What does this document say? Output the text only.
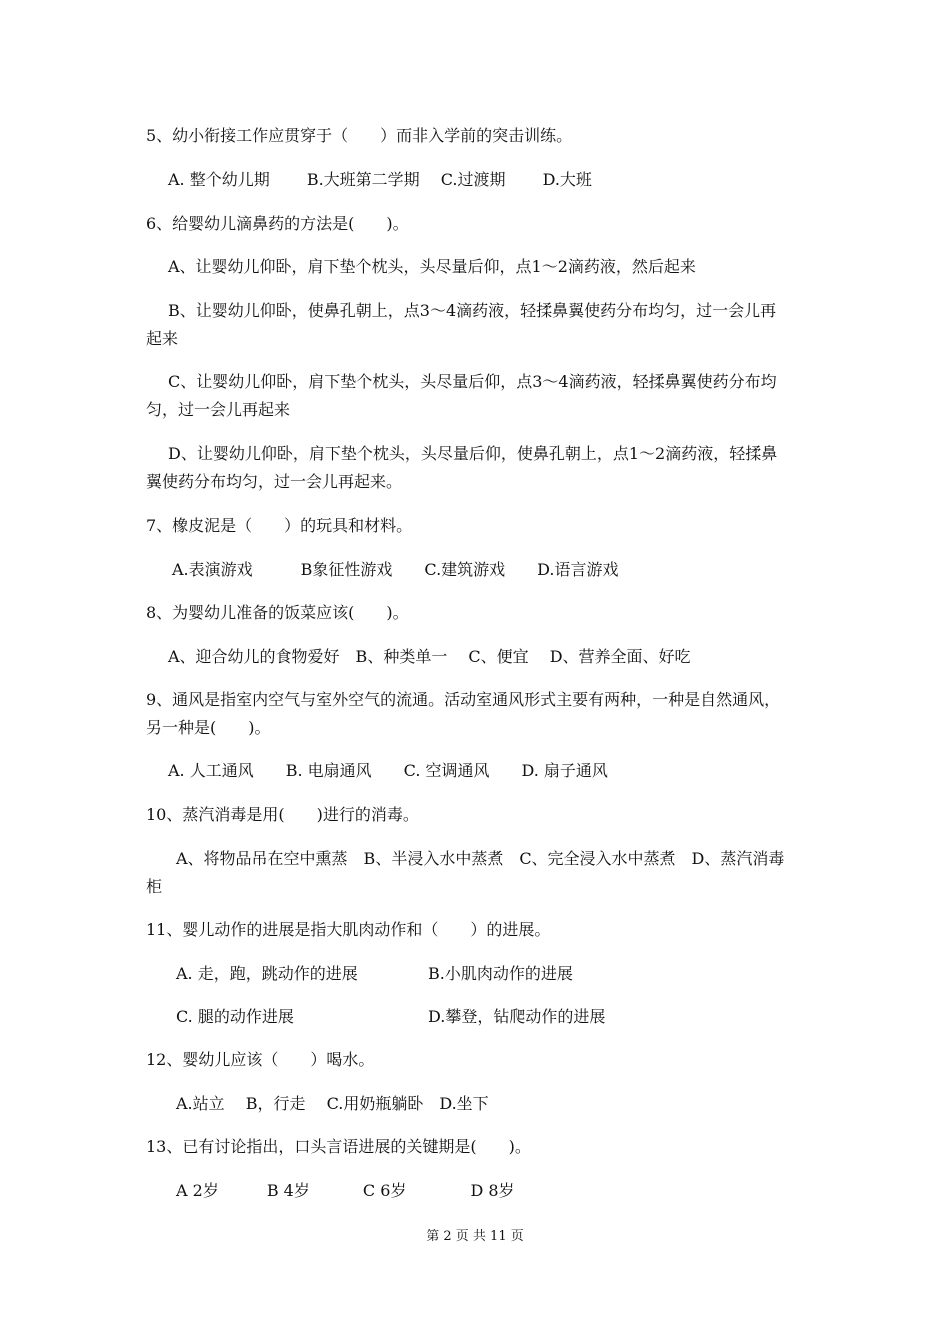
5、幼小衔接工作应贯穿于（　　）而非入学前的突击训练。
A. 整个幼儿期　　 B.大班第二学期　 C.过渡期　　 D.大班
6、给婴幼儿滴鼻药的方法是(　　)。
A、让婴幼儿仰卧，肩下垫个枕头，头尽量后仰，点1～2滴药液，然后起来
B、让婴幼儿仰卧，使鼻孔朝上，点3～4滴药液，轻揉鼻翼使药分布均匀，过一会儿再
起来
C、让婴幼儿仰卧，肩下垫个枕头，头尽量后仰，点3～4滴药液，轻揉鼻翼使药分布均
匀，过一会儿再起来
D、让婴幼儿仰卧，肩下垫个枕头，头尽量后仰，使鼻孔朝上，点1～2滴药液，轻揉鼻
翼使药分布均匀，过一会儿再起来。
7、橡皮泥是（　　）的玩具和材料。
A.表演游戏　　　B象征性游戏　　C.建筑游戏　　D.语言游戏
8、为婴幼儿准备的饭菜应该(　　)。
A、迎合幼儿的食物爱好　B、种类单一　 C、便宜　 D、营养全面、好吃
9、通风是指室内空气与室外空气的流通。活动室通风形式主要有两种，一种是自然通风，
另一种是(　　)。
A. 人工通风　　B. 电扇通风　　C. 空调通风　　D. 扇子通风
10、蒸汽消毒是用(　　)进行的消毒。
A、将物品吊在空中熏蒸　B、半浸入水中蒸煮　C、完全浸入水中蒸煮　D、蒸汽消毒
柜
11、婴儿动作的进展是指大肌肉动作和（　　）的进展。
A. 走，跑，跳动作的进展	B.小肌肉动作的进展
C. 腿的动作进展	D.攀登，钻爬动作的进展
12、婴幼儿应该（　　）喝水。
A.站立　 B，行走　 C.用奶瓶躺卧　D.坐下
13、已有讨论指出，口头言语进展的关键期是(　　)。
A 2岁　　　B 4岁　　　 C 6岁　　　　D 8岁
第 2 页 共 11 页
